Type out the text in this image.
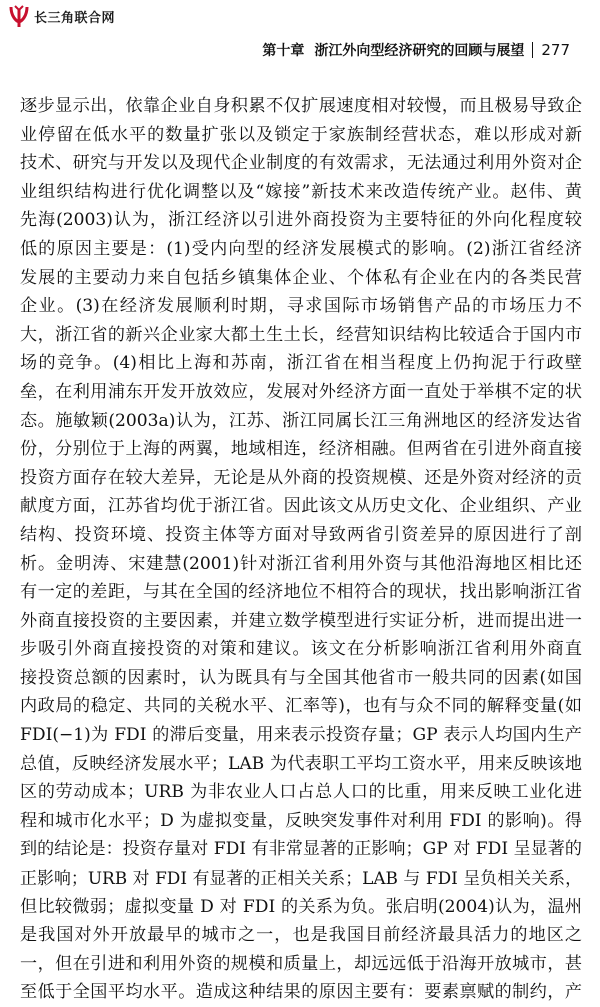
长三角联合网
第十章 浙江外向型经济研究的回顾与展望 277
逐步显示出，依靠企业自身积累不仅扩展速度相对较慢，而且极易导致企
业停留在低水平的数量扩张以及锁定于家族制经营状态，难以形成对新
技术、研究与开发以及现代企业制度的有效需求，无法通过利用外资对企
业组织结构进行优化调整以及“嫁接”新技术来改造传统产业。赵伟、黄
先海(2003)认为，浙江经济以引进外商投资为主要特征的外向化程度较
低的原因主要是：(1)受内向型的经济发展模式的影响。(2)浙江省经济
发展的主要动力来自包括乡镇集体企业、个体私有企业在内的各类民营
企业。(3)在经济发展顺利时期，寻求国际市场销售产品的市场压力不
大，浙江省的新兴企业家大都土生土长，经营知识结构比较适合于国内市
场的竞争。(4)相比上海和苏南，浙江省在相当程度上仍拘泥于行政壁
垒，在利用浦东开发开放效应，发展对外经济方面一直处于举棋不定的状
态。施敏颖(2003a)认为，江苏、浙江同属长江三角洲地区的经济发达省
份，分别位于上海的两翼，地域相连，经济相融。但两省在引进外商直接
投资方面存在较大差异，无论是从外商的投资规模、还是外资对经济的贡
献度方面，江苏省均优于浙江省。因此该文从历史文化、企业组织、产业
结构、投资环境、投资主体等方面对导致两省引资差异的原因进行了剖
析。金明涛、宋建慧(2001)针对浙江省利用外资与其他沿海地区相比还
有一定的差距，与其在全国的经济地位不相符合的现状，找出影响浙江省
外商直接投资的主要因素，并建立数学模型进行实证分析，进而提出进一
步吸引外商直接投资的对策和建议。该文在分析影响浙江省利用外商直
接投资总额的因素时，认为既具有与全国其他省市一般共同的因素(如国
内政局的稳定、共同的关税水平、汇率等)，也有与众不同的解释变量(如
FDI(−1)为 FDI 的滞后变量，用来表示投资存量；GP 表示人均国内生产
总值，反映经济发展水平；LAB 为代表职工平均工资水平，用来反映该地
区的劳动成本；URB 为非农业人口占总人口的比重，用来反映工业化进
程和城市化水平；D 为虚拟变量，反映突发事件对利用 FDI 的影响)。得
到的结论是：投资存量对 FDI 有非常显著的正影响；GP 对 FDI 呈显著的
正影响；URB 对 FDI 有显著的正相关关系；LAB 与 FDI 呈负相关关系，
但比较微弱；虚拟变量 D 对 FDI 的关系为负。张启明(2004)认为，温州
是我国对外开放最早的城市之一，也是我国目前经济最具活力的地区之
一，但在引进和利用外资的规模和质量上，却远远低于沿海开放城市，甚
至低于全国平均水平。造成这种结果的原因主要有：要素禀赋的制约，产
